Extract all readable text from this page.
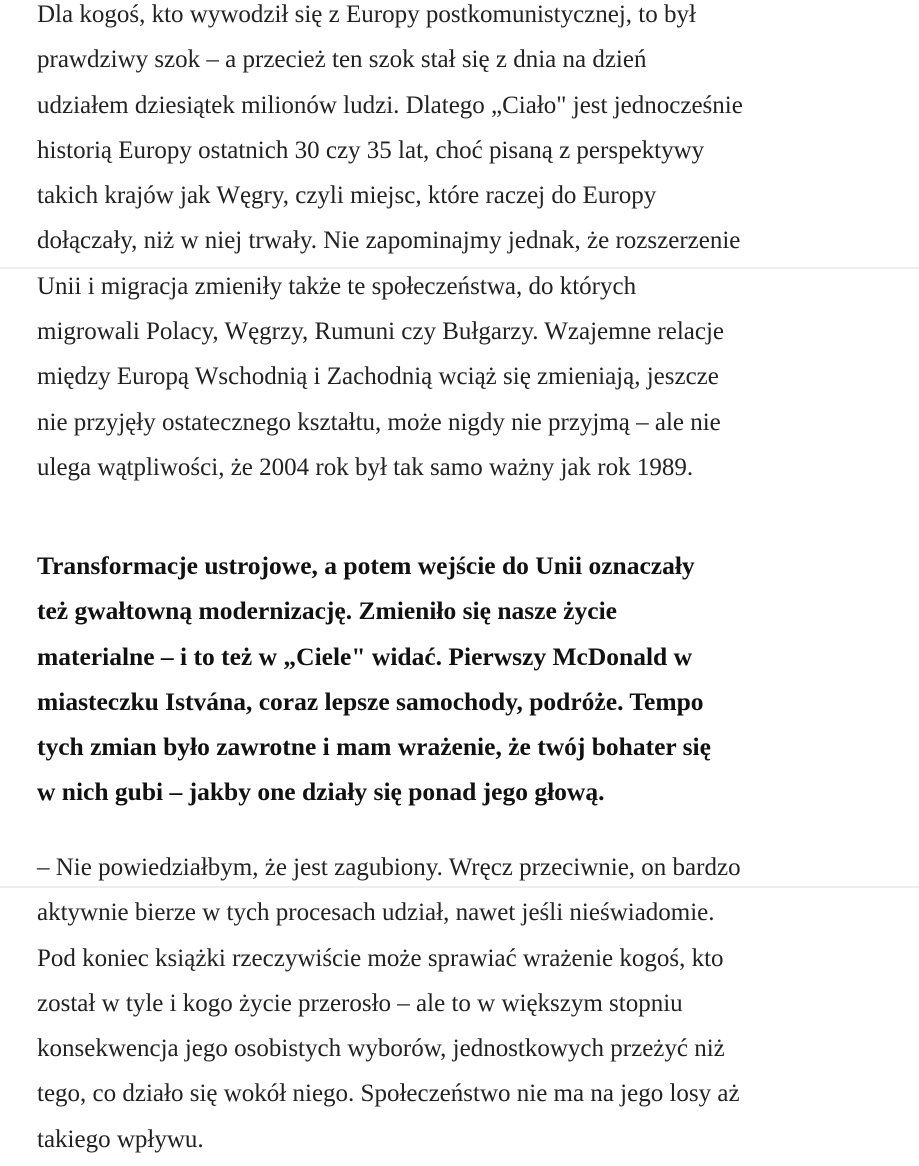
Dla kogoś, kto wywodził się z Europy postkomunistycznej, to był
prawdziwy szok – a przecież ten szok stał się z dnia na dzień
udziałem dziesiątek milionów ludzi. Dlatego „Ciało" jest jednocześnie
historią Europy ostatnich 30 czy 35 lat, choć pisaną z perspektywy
takich krajów jak Węgry, czyli miejsc, które raczej do Europy
dołączały, niż w niej trwały. Nie zapominajmy jednak, że rozszerzenie
Unii i migracja zmieniły także te społeczeństwa, do których
migrowali Polacy, Węgrzy, Rumuni czy Bułgarzy. Wzajemne relacje
między Europą Wschodnią i Zachodnią wciąż się zmieniają, jeszcze
nie przyjęły ostatecznego kształtu, może nigdy nie przyjmą – ale nie
ulega wątpliwości, że 2004 rok był tak samo ważny jak rok 1989.
Transformacje ustrojowe, a potem wejście do Unii oznaczały
też gwałtowną modernizację. Zmieniło się nasze życie
materialne – i to też w „Ciele" widać. Pierwszy McDonald w
miasteczku Istvána, coraz lepsze samochody, podróże. Tempo
tych zmian było zawrotne i mam wrażenie, że twój bohater się
w nich gubi – jakby one działy się ponad jego głową.
– Nie powiedziałbym, że jest zagubiony. Wręcz przeciwnie, on bardzo
aktywnie bierze w tych procesach udział, nawet jeśli nieświadomie.
Pod koniec książki rzeczywiście może sprawiać wrażenie kogoś, kto
został w tyle i kogo życie przerosło – ale to w większym stopniu
konsekwencja jego osobistych wyborów, jednostkowych przeżyć niż
tego, co działo się wokół niego. Społeczeństwo nie ma na jego losy aż
takiego wpływu.
